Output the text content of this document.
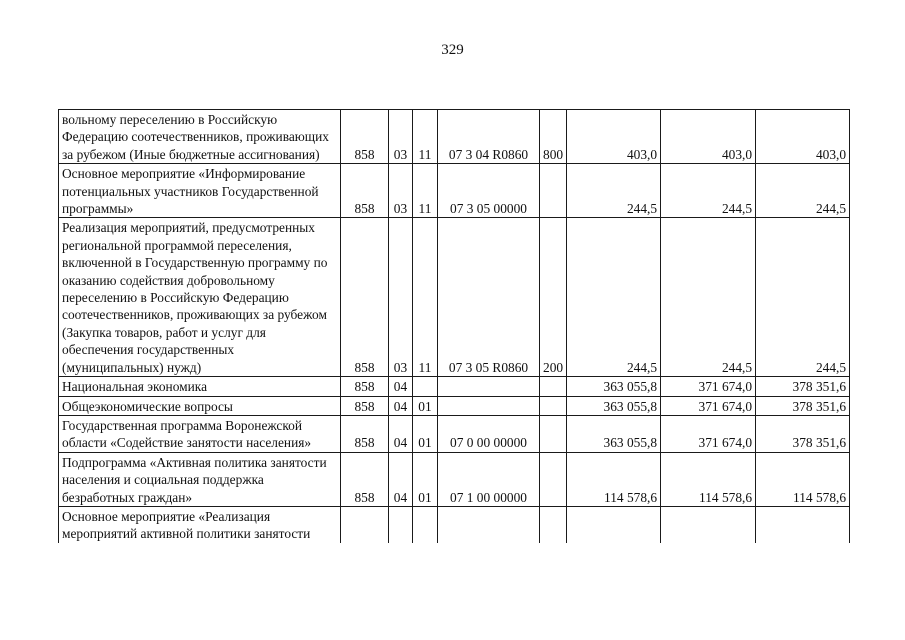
329
вольному переселению в Российскую Федерацию соотечественников, проживающих за рубежом (Иные бюджетные ассигнования)	858	03	11	07 3 04 R0860	800	403,0	403,0	403,0
Основное мероприятие «Информирование потенциальных участников Государственной программы»	858	03	11	07 3 05 00000		244,5	244,5	244,5
Реализация мероприятий, предусмотренных региональной программой переселения, включенной в Государственную программу по оказанию содействия добровольному переселению в Российскую Федерацию соотечественников, проживающих за рубежом (Закупка товаров, работ и услуг для обеспечения государственных (муниципальных) нужд)	858	03	11	07 3 05 R0860	200	244,5	244,5	244,5
Национальная экономика	858	04				363 055,8	371 674,0	378 351,6
Общеэкономические вопросы	858	04	01			363 055,8	371 674,0	378 351,6
Государственная программа Воронежской области «Содействие занятости населения»	858	04	01	07 0 00 00000		363 055,8	371 674,0	378 351,6
Подпрограмма «Активная политика занятости населения и социальная поддержка безработных граждан»	858	04	01	07 1 00 00000		114 578,6	114 578,6	114 578,6
Основное мероприятие «Реализация мероприятий активной политики занятости								
